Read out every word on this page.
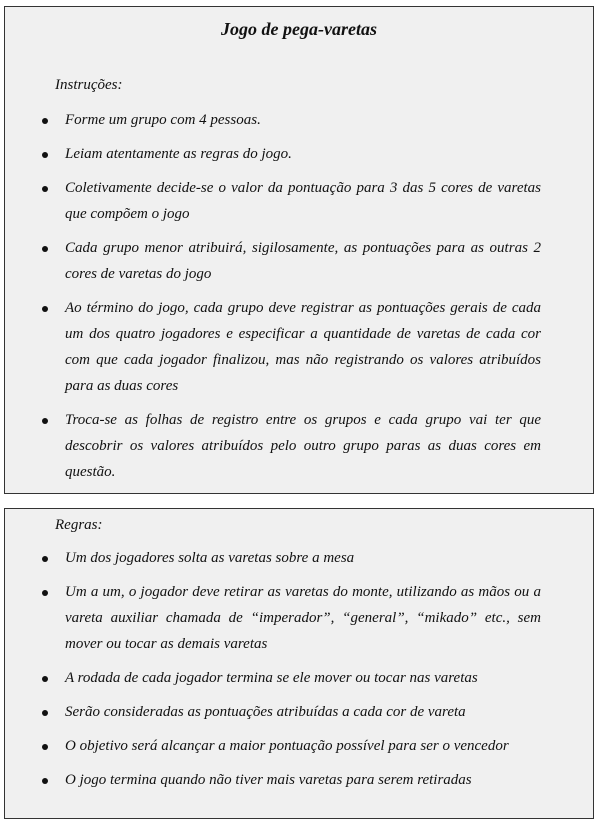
Jogo de pega-varetas
Instruções:
Forme um grupo com 4 pessoas.
Leiam atentamente as regras do jogo.
Coletivamente decide-se o valor da pontuação para 3 das 5 cores de varetas que compõem o jogo
Cada grupo menor atribuirá, sigilosamente, as pontuações para as outras 2 cores de varetas do jogo
Ao término do jogo, cada grupo deve registrar as pontuações gerais de cada um dos quatro jogadores e especificar a quantidade de varetas de cada cor com que cada jogador finalizou, mas não registrando os valores atribuídos para as duas cores
Troca-se as folhas de registro entre os grupos e cada grupo vai ter que descobrir os valores atribuídos pelo outro grupo paras as duas cores em questão.
Regras:
Um dos jogadores solta as varetas sobre a mesa
Um a um, o jogador deve retirar as varetas do monte, utilizando as mãos ou a vareta auxiliar chamada de “imperador”, “general”, “mikado” etc., sem mover ou tocar as demais varetas
A rodada de cada jogador termina se ele mover ou tocar nas varetas
Serão consideradas as pontuações atribuídas a cada cor de vareta
O objetivo será alcançar a maior pontuação possível para ser o vencedor
O jogo termina quando não tiver mais varetas para serem retiradas
